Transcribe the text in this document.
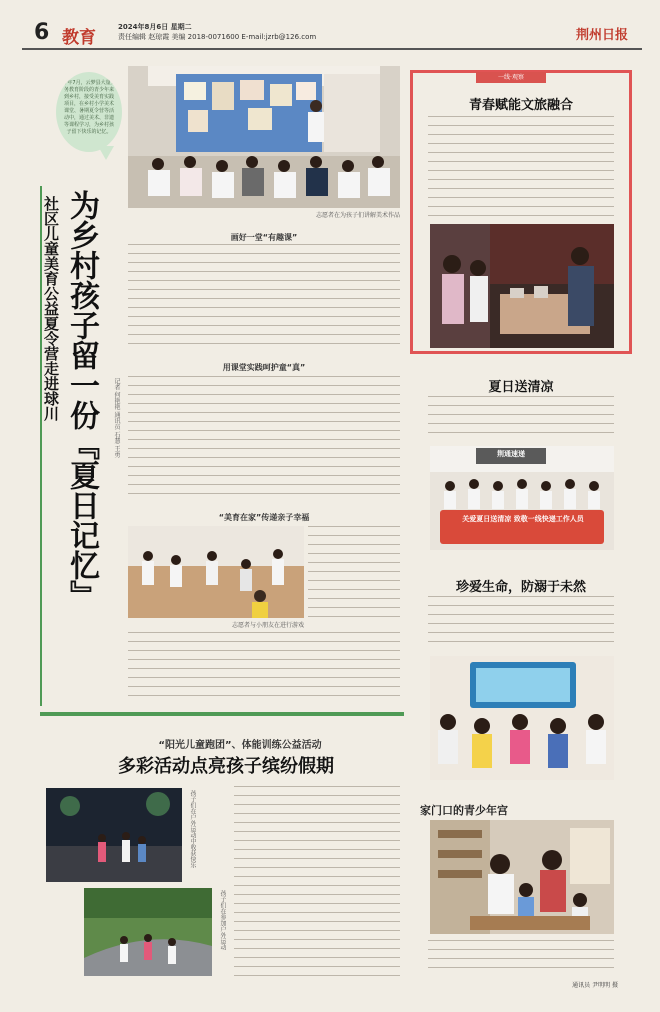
6 教育
2024年8月6日 星期二
责任编辑 赵琼霞 美编 2018-0071600 E-mail:jzrb@126.com	荆州日报
今年7月，云梦县大量义务教育阶段的青少年来到乡村，接受美育实践项目，在乡村小学美术课堂、暑期夏令营等活动中，通过美术、非遗等课程学习，为乡村孩子留下快乐的记忆。
为乡村孩子留一份『夏日记忆』
社区儿童美育公益夏令营走进球川	志愿者在为孩子们讲解美术作品
画好一堂“有趣课”
用课堂实践呵护童“真”
记者 何艳艳 通讯员 石慧 王勇
“美育在家”传递亲子幸福
志愿者与小朋友在进行游戏
“阳光儿童跑团”、体能训练公益活动
多彩活动点亮孩子缤纷假期
孩子们在户外运动中收获快乐
孩子们在参加户外运动
一线·观察
青春赋能文旅融合
夏日送清凉
荆通速递
关爱夏日送清凉 致敬一线快递工作人员
珍爱生命，防溺于未然
家门口的青少年宫
通讯员 尹明明 摄
